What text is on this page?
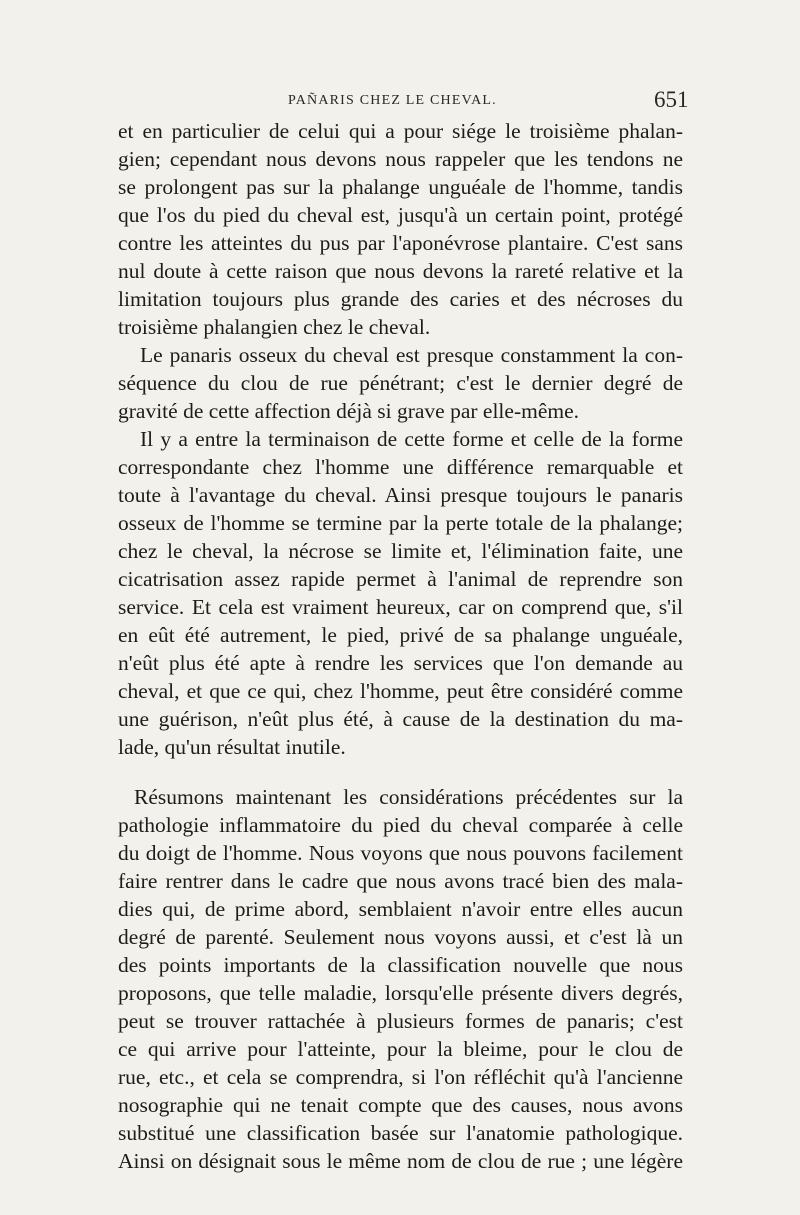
PAÑARIS CHEZ LE CHEVAL.	651
et en particulier de celui qui a pour siége le troisième phalan-
gien; cependant nous devons nous rappeler que les tendons ne
se prolongent pas sur la phalange unguéale de l'homme, tandis
que l'os du pied du cheval est, jusqu'à un certain point, protégé
contre les atteintes du pus par l'aponévrose plantaire. C'est sans
nul doute à cette raison que nous devons la rareté relative et la
limitation toujours plus grande des caries et des nécroses du
troisième phalangien chez le cheval.
Le panaris osseux du cheval est presque constamment la con-
séquence du clou de rue pénétrant; c'est le dernier degré de
gravité de cette affection déjà si grave par elle-même.
Il y a entre la terminaison de cette forme et celle de la forme
correspondante chez l'homme une différence remarquable et
toute à l'avantage du cheval. Ainsi presque toujours le panaris
osseux de l'homme se termine par la perte totale de la phalange;
chez le cheval, la nécrose se limite et, l'élimination faite, une
cicatrisation assez rapide permet à l'animal de reprendre son
service. Et cela est vraiment heureux, car on comprend que, s'il
en eût été autrement, le pied, privé de sa phalange unguéale,
n'eût plus été apte à rendre les services que l'on demande au
cheval, et que ce qui, chez l'homme, peut être considéré comme
une guérison, n'eût plus été, à cause de la destination du ma-
lade, qu'un résultat inutile.
Résumons maintenant les considérations précédentes sur la
pathologie inflammatoire du pied du cheval comparée à celle
du doigt de l'homme. Nous voyons que nous pouvons facilement
faire rentrer dans le cadre que nous avons tracé bien des mala-
dies qui, de prime abord, semblaient n'avoir entre elles aucun
degré de parenté. Seulement nous voyons aussi, et c'est là un
des points importants de la classification nouvelle que nous
proposons, que telle maladie, lorsqu'elle présente divers degrés,
peut se trouver rattachée à plusieurs formes de panaris; c'est
ce qui arrive pour l'atteinte, pour la bleime, pour le clou de
rue, etc., et cela se comprendra, si l'on réfléchit qu'à l'ancienne
nosographie qui ne tenait compte que des causes, nous avons
substitué une classification basée sur l'anatomie pathologique.
Ainsi on désignait sous le même nom de clou de rue ; une légère
